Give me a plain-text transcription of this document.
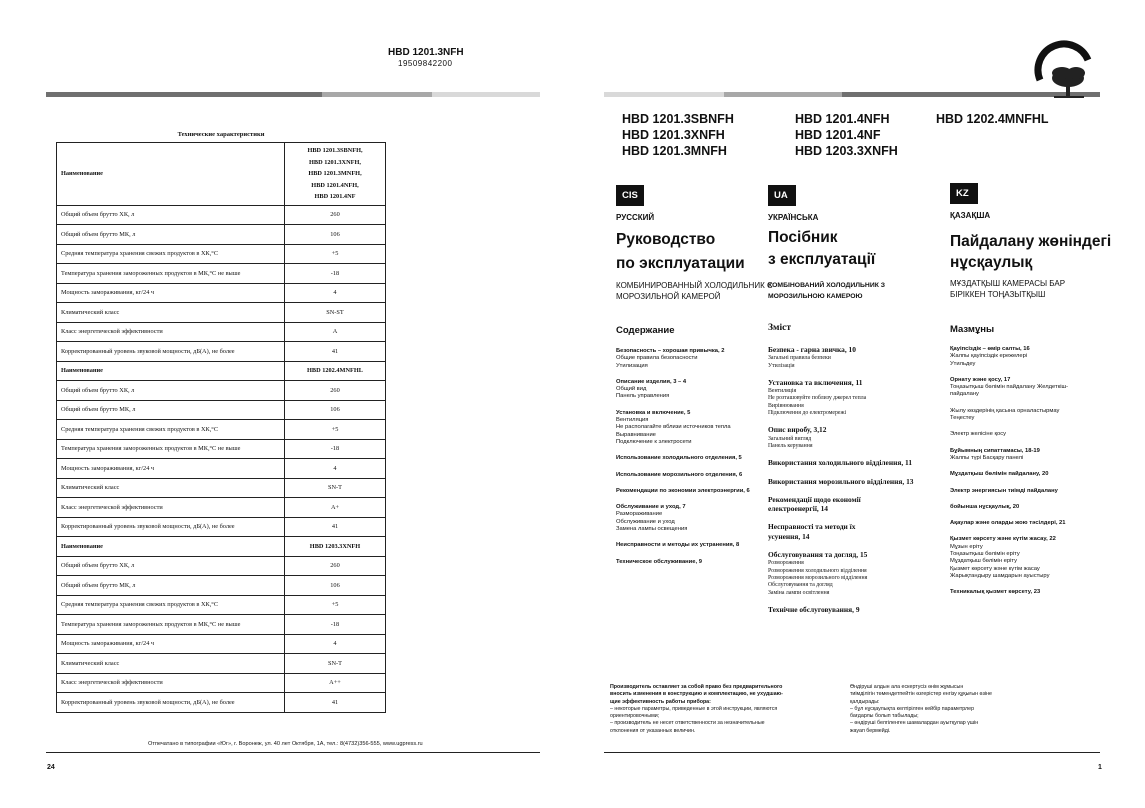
HBD 1201.3NFH
19509842200
Технические характеристики
Наименование	HBD 1201.3SBNFH,
HBD 1201.3XNFH,
HBD 1201.3MNFH,
HBD 1201.4NFH,
HBD 1201.4NF
Общий объем брутто ХК, л	260
Общий объем брутто МК, л	106
Средняя температура хранения свежих продуктов в ХК,°С	+5
Температура хранения замороженных продуктов в МК,°С не выше	-18
Мощность замораживания, кг/24 ч	4
Климатический класс	SN-ST
Класс энергетической эффективности	A
Корректированный уровень звуковой мощности, дБ(А), не более	41
Наименование	HBD 1202.4MNFHL
Общий объем брутто ХК, л	260
Общий объем брутто МК, л	106
Средняя температура хранения свежих продуктов в ХК,°С	+5
Температура хранения замороженных продуктов в МК,°С не выше	-18
Мощность замораживания, кг/24 ч	4
Климатический класс	SN-T
Класс энергетической эффективности	A+
Корректированный уровень звуковой мощности, дБ(А), не более	41
Наименование	HBD 1203.3XNFH
Общий объем брутто ХК, л	260
Общий объем брутто МК, л	106
Средняя температура хранения свежих продуктов в ХК,°С	+5
Температура хранения замороженных продуктов в МК,°С не выше	-18
Мощность замораживания, кг/24 ч	4
Климатический класс	SN-T
Класс энергетической эффективности	A++
Корректированный уровень звуковой мощности, дБ(А), не более	41
Отпечатано в типографии «Юг», г. Воронеж, ул. 40 лет Октября, 1А, тел.: 8(4732)356-555, www.ugpress.ru
24
HBD 1201.3SBNFH
HBD 1201.3XNFH
HBD 1201.3MNFH
HBD 1201.4NFH
HBD 1201.4NF
HBD 1203.3XNFH
HBD 1202.4MNFHL
CIS
РУССКИЙ
Руководство
по эксплуатации
КОМБИНИРОВАННЫЙ ХОЛОДИЛЬНИК С
МОРОЗИЛЬНОЙ КАМЕРОЙ
Содержание
Безопасность – хорошая привычка, 2
Общие правила безопасности
Утилизация
Описание изделия, 3 – 4
Общий вид
Панель управления
Установка и включение, 5
Вентиляция
Не располагайте вблизи источников тепла
Выравнивание
Подключение к электросети
Использование холодильного отделения, 5
Использование морозильного отделения, 6
Рекомендации по экономии электроэнергии, 6
Обслуживание и уход, 7
Размораживание
Обслуживание и уход
Замена лампы освещения
Неисправности и методы их устранения, 8
Техническое обслуживание, 9
Производитель оставляет за собой право без предварительного
вносить изменения в конструкцию и комплектацию, не ухудшаю-
щие эффективность работы прибора:
– некоторые параметры, приведенные в этой инструкции, являются
ориентировочными;
– производитель не несет ответственности за незначительные
отклонения от указанных величин.
UA
УКРАЇНСЬКА
Посібник
з експлуатації
КОМБІНОВАНИЙ ХОЛОДИЛЬНИК З
МОРОЗИЛЬНОЮ КАМЕРОЮ
Зміст
Безпека - гарна звичка, 10
Загальні правила безпеки
Утилізація
Установка та включення, 11
Вентиляція
Не розташовуйте поблизу джерел тепла
Вирівнювання
Підключення до електромережі
Опис виробу, 3,12
Загальний вигляд
Панель керування
Використання холодильного відділення, 11
Використання морозильного відділення, 13
Рекомендації щодо економії
електроенергії, 14
Несправності та методи їх
усунення, 14
Обслуговування та догляд, 15
Розмороження
Розмороження холодильного відділення
Розмороження морозильного відділення
Обслуговування та догляд
Заміна лампи освітлення
Технічне обслуговування, 9
KZ
ҚАЗАҚША
Пайдалану жөніндегі
нұсқаулық
МҰЗДАТҚЫШ КАМЕРАСЫ БАР
БІРІККЕН ТОҢАЗЫТҚЫШ
Мазмұны
Қауіпсіздік – өмір салты, 16
Жалпы қауіпсіздік ережелері
Утильдеу
Орнату және қосу, 17
Тоңазытқыш бөлімін пайдалану Желдеткіш-
пайдалану
Жылу көздерінің қасына орналастырмау
Теңестеу
Электр желісіне қосу
Бұйымның сипаттамасы, 18-19
Жалпы түрі Басқару панелі
Мұздатқыш бөлімін пайдалану, 20
Электр энергиясын тиімді пайдалану
бойынша нұсқаулық, 20
Ақаулар және оларды жою тәсілдері, 21
Қызмет көрсету және күтім жасау, 22
Мұзын еріту
Тоңазытқыш бөлімін еріту
Мұздатқыш бөлімін еріту
Қызмет көрсету және күтім жасау
Жарықтандыру шамдарын ауыстыру
Техникалық қызмет көрсету, 23
Өндіруші алдын ала ескертусіз өнім жұмысын
тиімділігін төмендетпейтін өзгерістер енгізу құқығын өзіне
қалдырады:
– бұл нұсқаулықта келтірілген кейбір параметрлер
бағдарлы болып табылады;
– өндіруші белгіленген шамалардан ауытқулар үшін
жауап бермейді.
1
